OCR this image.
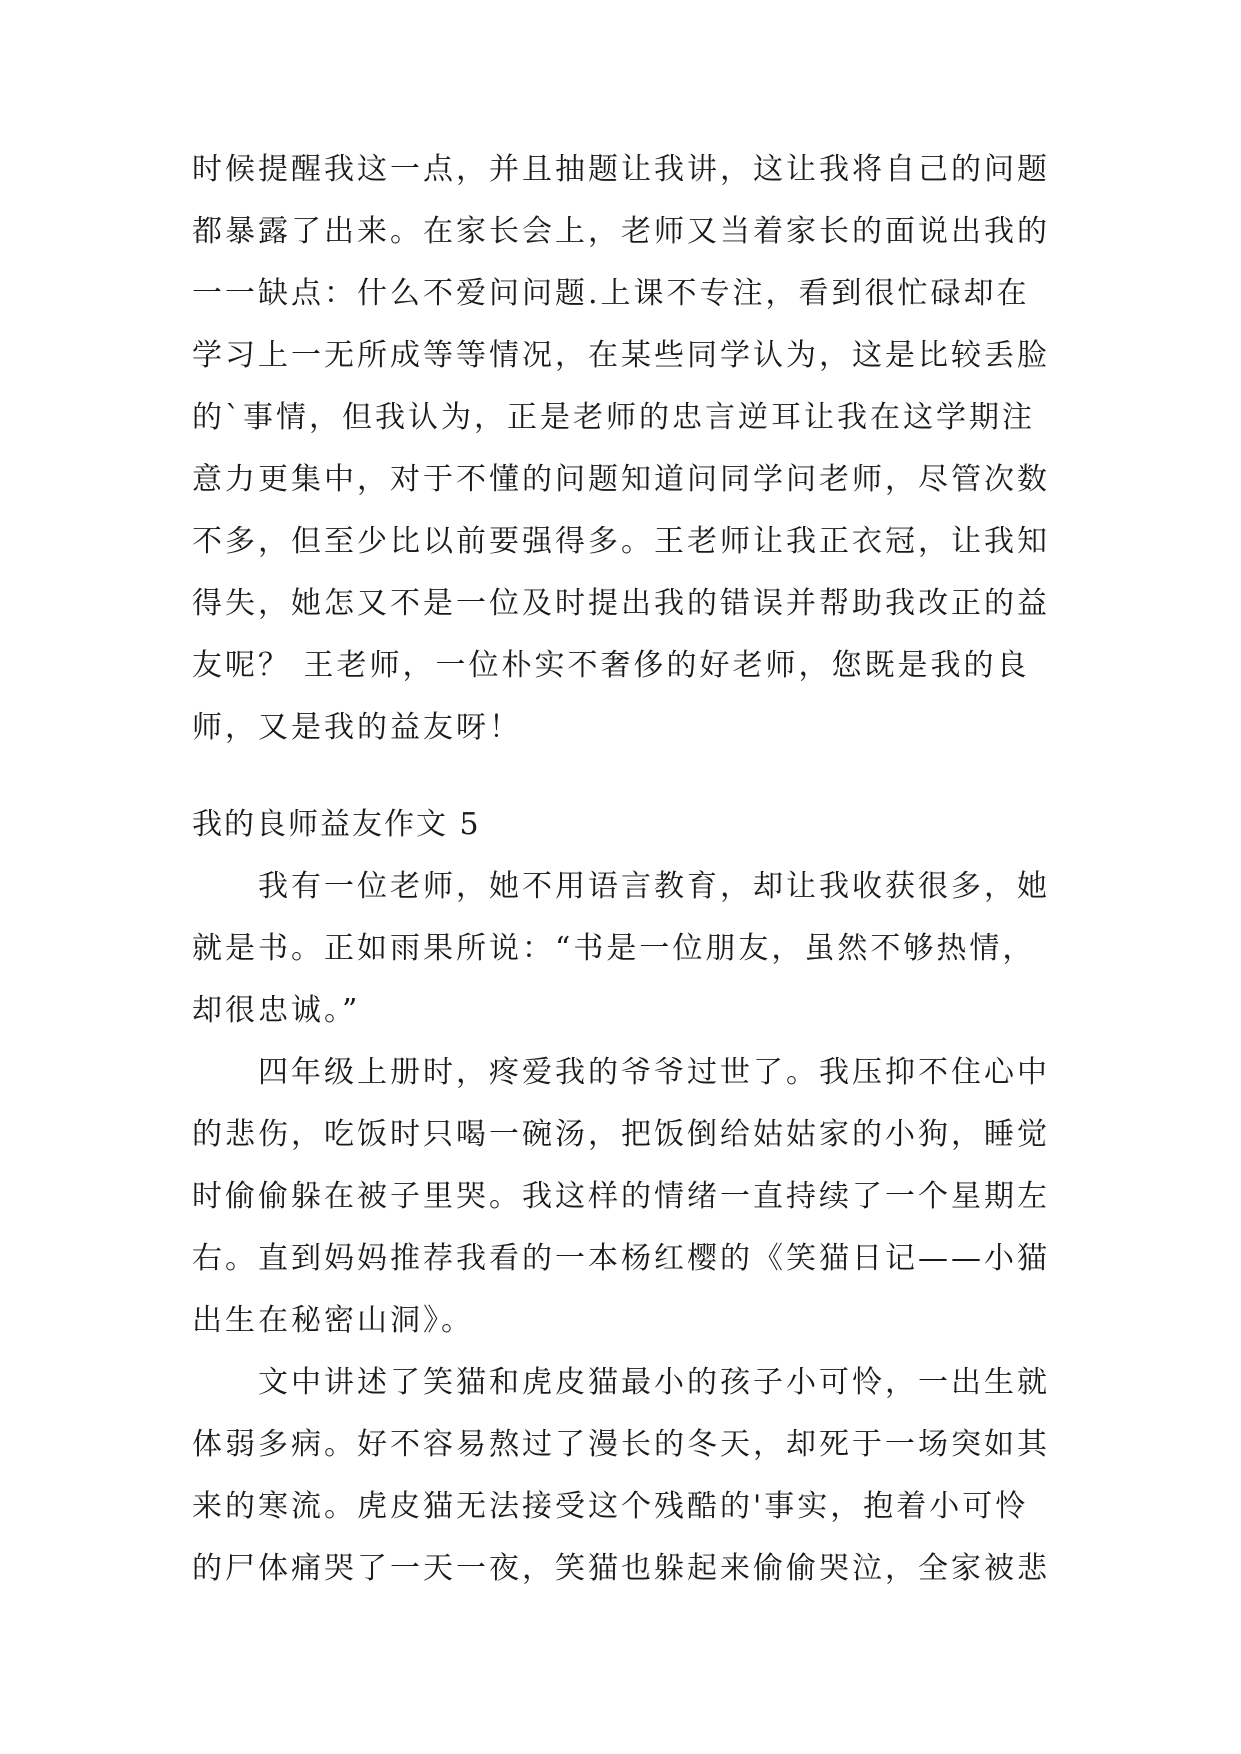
时候提醒我这一点，并且抽题让我讲，这让我将自己的问题
都暴露了出来。在家长会上，老师又当着家长的面说出我的
一一缺点：什么不爱问问题.上课不专注，看到很忙碌却在
学习上一无所成等等情况，在某些同学认为，这是比较丢脸
的`事情，但我认为，正是老师的忠言逆耳让我在这学期注
意力更集中，对于不懂的问题知道问同学问老师，尽管次数
不多，但至少比以前要强得多。王老师让我正衣冠，让我知
得失，她怎又不是一位及时提出我的错误并帮助我改正的益
友呢？ 王老师，一位朴实不奢侈的好老师，您既是我的良
师，又是我的益友呀！
我的良师益友作文 5
我有一位老师，她不用语言教育，却让我收获很多，她
就是书。正如雨果所说：“书是一位朋友，虽然不够热情，
却很忠诚。”
四年级上册时，疼爱我的爷爷过世了。我压抑不住心中
的悲伤，吃饭时只喝一碗汤，把饭倒给姑姑家的小狗，睡觉
时偷偷躲在被子里哭。我这样的情绪一直持续了一个星期左
右。直到妈妈推荐我看的一本杨红樱的《笑猫日记——小猫
出生在秘密山洞》。
文中讲述了笑猫和虎皮猫最小的孩子小可怜，一出生就
体弱多病。好不容易熬过了漫长的冬天，却死于一场突如其
来的寒流。虎皮猫无法接受这个残酷的'事实，抱着小可怜
的尸体痛哭了一天一夜，笑猫也躲起来偷偷哭泣，全家被悲
